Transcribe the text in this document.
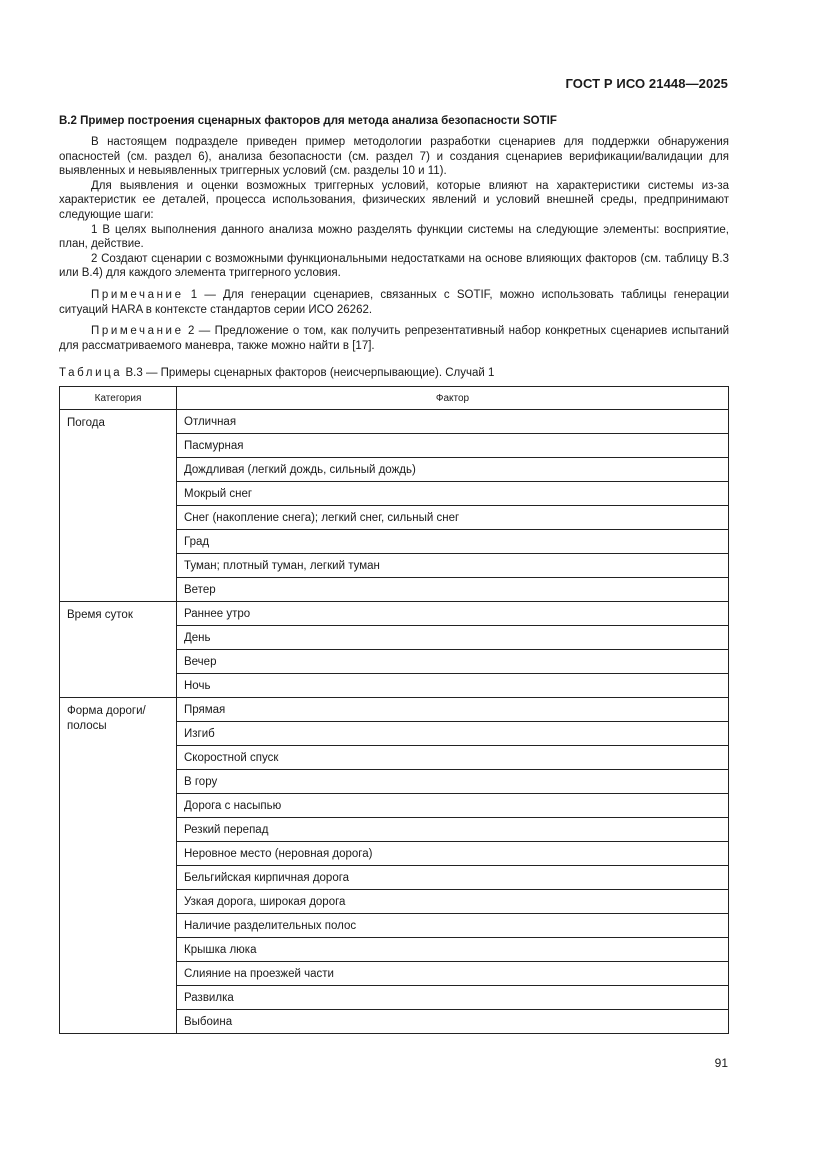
ГОСТ Р ИСО 21448—2025

В.2 Пример построения сценарных факторов для метода анализа безопасности SOTIF

В настоящем подразделе приведен пример методологии разработки сценариев для поддержки обнаружения опасностей (см. раздел 6), анализа безопасности (см. раздел 7) и создания сценариев верификации/валидации для выявленных и невыявленных триггерных условий (см. разделы 10 и 11).

Для выявления и оценки возможных триггерных условий, которые влияют на характеристики системы из-за характеристик ее деталей, процесса использования, физических явлений и условий внешней среды, предпринимают следующие шаги:

1 В целях выполнения данного анализа можно разделять функции системы на следующие элементы: восприятие, план, действие.

2 Создают сценарии с возможными функциональными недостатками на основе влияющих факторов (см. таблицу В.3 или В.4) для каждого элемента триггерного условия.

Примечание 1 — Для генерации сценариев, связанных с SOTIF, можно использовать таблицы генерации ситуаций HARA в контексте стандартов серии ИСО 26262.

Примечание 2 — Предложение о том, как получить репрезентативный набор конкретных сценариев испытаний для рассматриваемого маневра, также можно найти в [17].

Таблица В.3 — Примеры сценарных факторов (неисчерпывающие). Случай 1

Категория	Фактор
Погода	Отличная
	Пасмурная
	Дождливая (легкий дождь, сильный дождь)
	Мокрый снег
	Снег (накопление снега); легкий снег, сильный снег
	Град
	Туман; плотный туман, легкий туман
	Ветер
Время суток	Раннее утро
	День
	Вечер
	Ночь
Форма дороги/полосы	Прямая
	Изгиб
	Скоростной спуск
	В гору
	Дорога с насыпью
	Резкий перепад
	Неровное место (неровная дорога)
	Бельгийская кирпичная дорога
	Узкая дорога, широкая дорога
	Наличие разделительных полос
	Крышка люка
	Слияние на проезжей части
	Развилка
	Выбоина
91
